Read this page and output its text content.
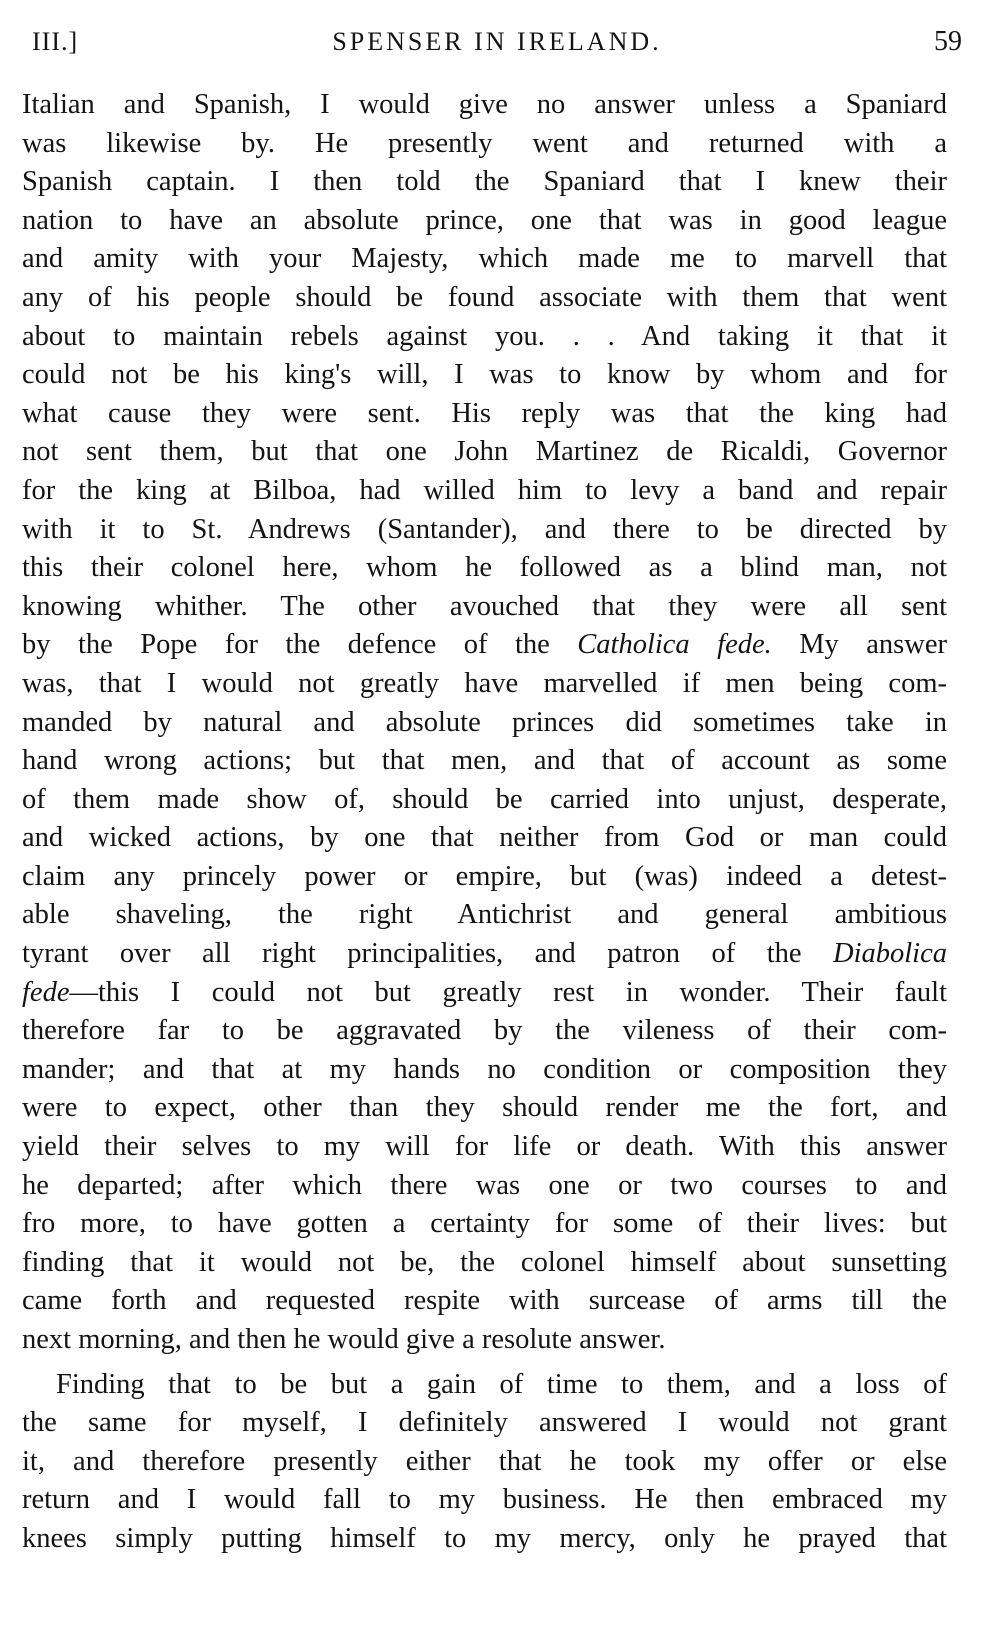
III.]	SPENSER IN IRELAND.	59
Italian and Spanish, I would give no answer unless a Spaniard
was likewise by. He presently went and returned with a
Spanish captain. I then told the Spaniard that I knew their
nation to have an absolute prince, one that was in good league
and amity with your Majesty, which made me to marvell that
any of his people should be found associate with them that went
about to maintain rebels against you. . . And taking it that it
could not be his king's will, I was to know by whom and for
what cause they were sent. His reply was that the king had
not sent them, but that one John Martinez de Ricaldi, Governor
for the king at Bilboa, had willed him to levy a band and repair
with it to St. Andrews (Santander), and there to be directed by
this their colonel here, whom he followed as a blind man, not
knowing whither. The other avouched that they were all sent
by the Pope for the defence of the Catholica fede. My answer
was, that I would not greatly have marvelled if men being com-
manded by natural and absolute princes did sometimes take in
hand wrong actions; but that men, and that of account as some
of them made show of, should be carried into unjust, desperate,
and wicked actions, by one that neither from God or man could
claim any princely power or empire, but (was) indeed a detest-
able shaveling, the right Antichrist and general ambitious
tyrant over all right principalities, and patron of the Diabolica
fede—this I could not but greatly rest in wonder. Their fault
therefore far to be aggravated by the vileness of their com-
mander; and that at my hands no condition or composition they
were to expect, other than they should render me the fort, and
yield their selves to my will for life or death. With this answer
he departed; after which there was one or two courses to and
fro more, to have gotten a certainty for some of their lives: but
finding that it would not be, the colonel himself about sunsetting
came forth and requested respite with surcease of arms till the
next morning, and then he would give a resolute answer.
Finding that to be but a gain of time to them, and a loss of
the same for myself, I definitely answered I would not grant
it, and therefore presently either that he took my offer or else
return and I would fall to my business. He then embraced my
knees simply putting himself to my mercy, only he prayed that
